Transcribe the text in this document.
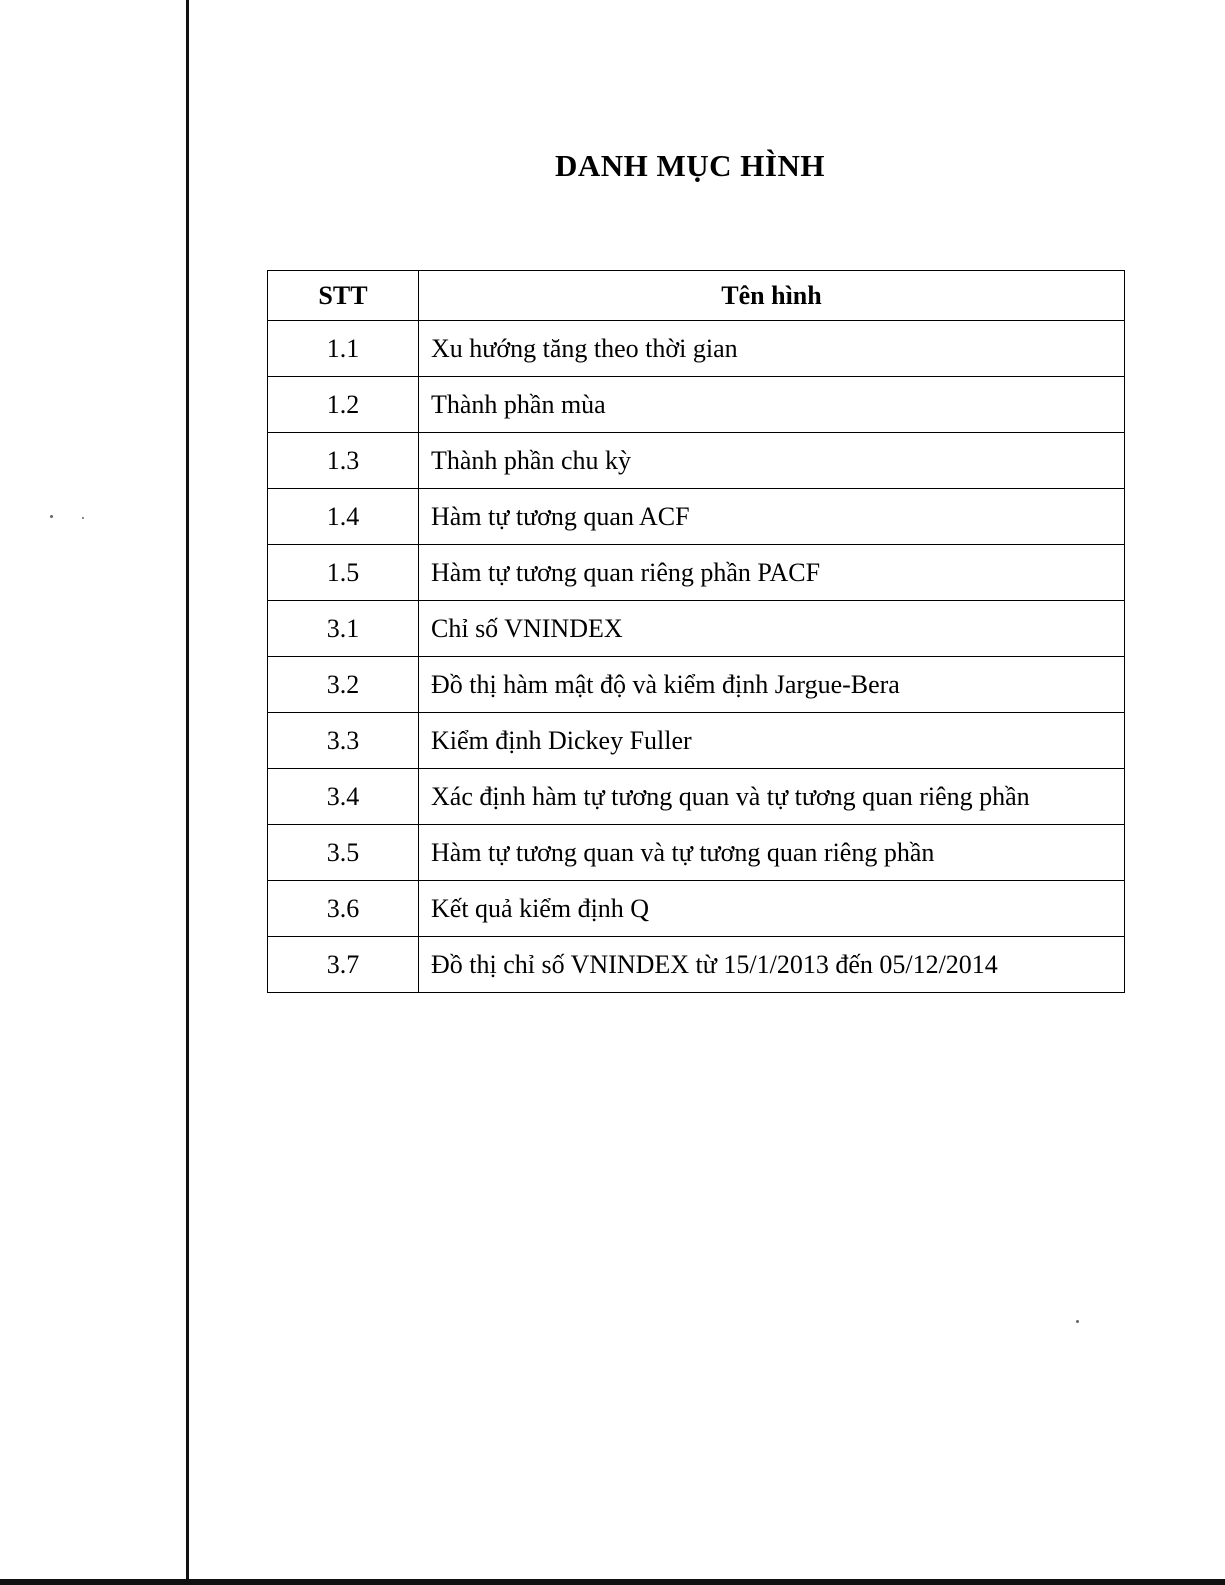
DANH MỤC HÌNH
STT	Tên hình
1.1	Xu hướng tăng theo thời gian
1.2	Thành phần mùa
1.3	Thành phần chu kỳ
1.4	Hàm tự tương quan ACF
1.5	Hàm tự tương quan riêng phần PACF
3.1	Chỉ số VNINDEX
3.2	Đồ thị hàm mật độ và kiểm định Jargue-Bera
3.3	Kiểm định Dickey Fuller
3.4	Xác định hàm tự tương quan và tự tương quan riêng phần
3.5	Hàm tự tương quan và tự tương quan riêng phần
3.6	Kết quả kiểm định Q
3.7	Đồ thị chỉ số VNINDEX từ 15/1/2013 đến 05/12/2014
